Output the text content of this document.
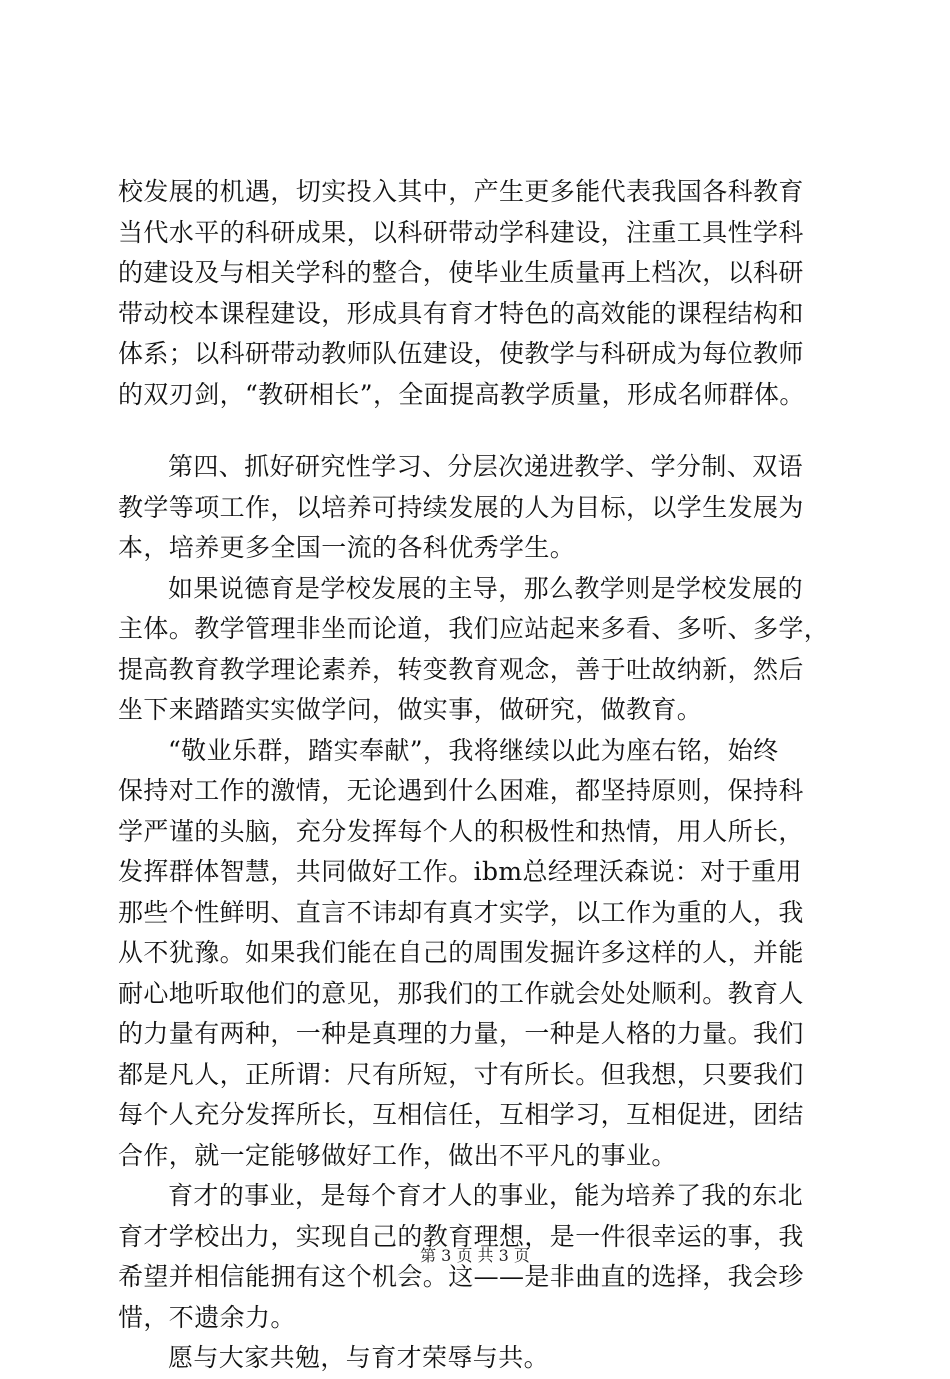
校发展的机遇，切实投入其中，产生更多能代表我国各科教育
当代水平的科研成果，以科研带动学科建设，注重工具性学科
的建设及与相关学科的整合，使毕业生质量再上档次，以科研
带动校本课程建设，形成具有育才特色的高效能的课程结构和
体系；以科研带动教师队伍建设，使教学与科研成为每位教师
的双刃剑，“教研相长”，全面提高教学质量，形成名师群体。
第四、抓好研究性学习、分层次递进教学、学分制、双语
教学等项工作，以培养可持续发展的人为目标，以学生发展为
本，培养更多全国一流的各科优秀学生。
如果说德育是学校发展的主导，那么教学则是学校发展的
主体。教学管理非坐而论道，我们应站起来多看、多听、多学，
提高教育教学理论素养，转变教育观念，善于吐故纳新，然后
坐下来踏踏实实做学问，做实事，做研究，做教育。
“敬业乐群，踏实奉献”，我将继续以此为座右铭，始终
保持对工作的激情，无论遇到什么困难，都坚持原则，保持科
学严谨的头脑，充分发挥每个人的积极性和热情，用人所长，
发挥群体智慧，共同做好工作。ibm总经理沃森说：对于重用
那些个性鲜明、直言不讳却有真才实学，以工作为重的人，我
从不犹豫。如果我们能在自己的周围发掘许多这样的人，并能
耐心地听取他们的意见，那我们的工作就会处处顺利。教育人
的力量有两种，一种是真理的力量，一种是人格的力量。我们
都是凡人，正所谓：尺有所短，寸有所长。但我想，只要我们
每个人充分发挥所长，互相信任，互相学习，互相促进，团结
合作，就一定能够做好工作，做出不平凡的事业。
育才的事业，是每个育才人的事业，能为培养了我的东北
育才学校出力，实现自己的教育理想，是一件很幸运的事，我
希望并相信能拥有这个机会。这——是非曲直的选择，我会珍
惜，不遗余力。
愿与大家共勉，与育才荣辱与共。
第 3 页 共 3 页
